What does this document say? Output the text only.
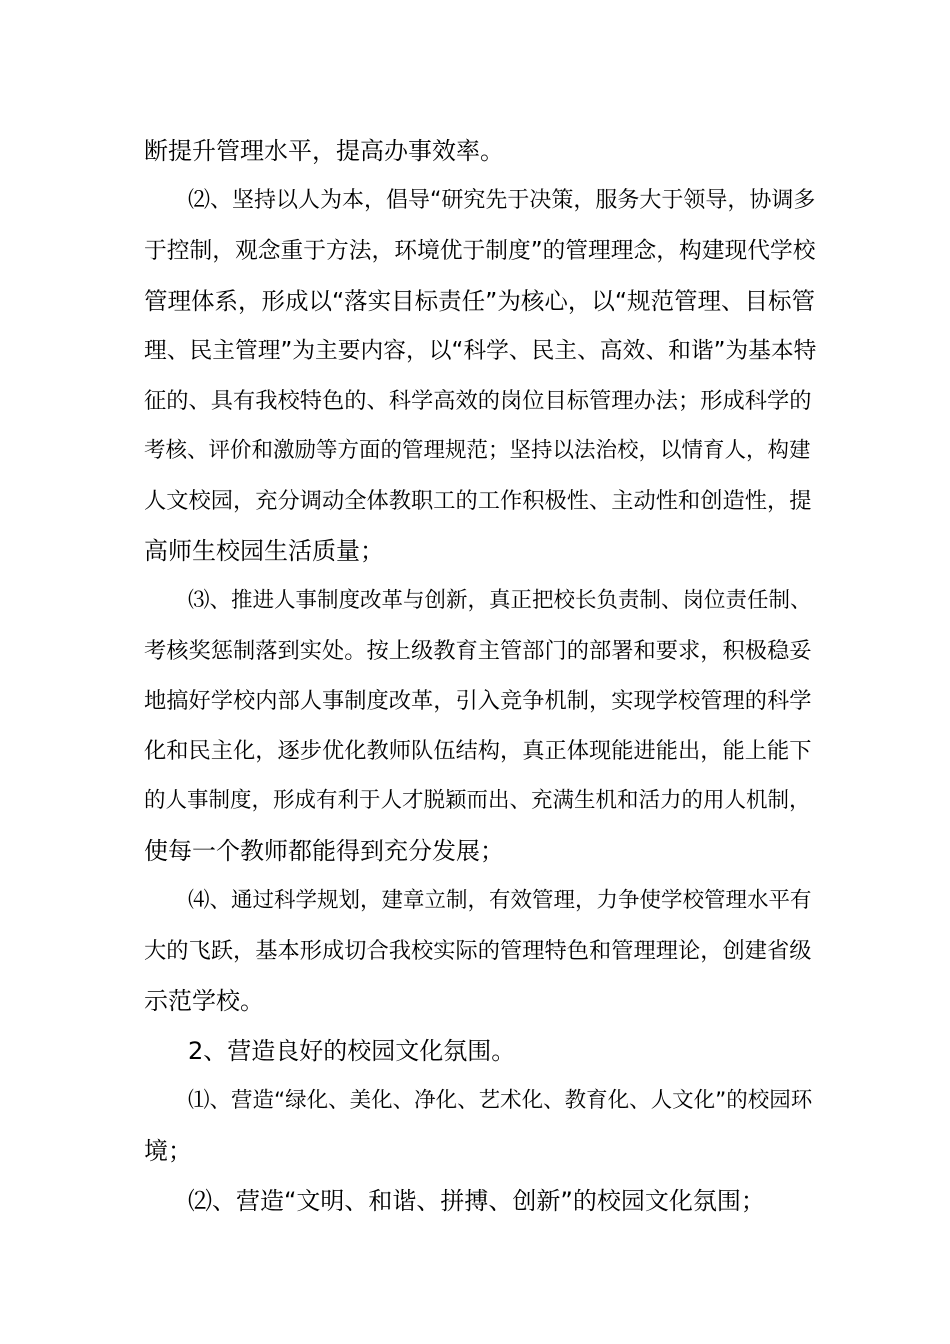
断提升管理水平，提高办事效率。
⑵、坚持以人为本，倡导“研究先于决策，服务大于领导，协调多
于控制，观念重于方法，环境优于制度”的管理理念，构建现代学校
管理体系，形成以“落实目标责任”为核心，以“规范管理、目标管
理、民主管理”为主要内容，以“科学、民主、高效、和谐”为基本特
征的、具有我校特色的、科学高效的岗位目标管理办法；形成科学的
考核、评价和激励等方面的管理规范；坚持以法治校，以情育人，构建
人文校园，充分调动全体教职工的工作积极性、主动性和创造性，提
高师生校园生活质量；
⑶、推进人事制度改革与创新，真正把校长负责制、岗位责任制、
考核奖惩制落到实处。按上级教育主管部门的部署和要求，积极稳妥
地搞好学校内部人事制度改革，引入竞争机制，实现学校管理的科学
化和民主化，逐步优化教师队伍结构，真正体现能进能出，能上能下
的人事制度，形成有利于人才脱颖而出、充满生机和活力的用人机制，
使每一个教师都能得到充分发展；
⑷、通过科学规划，建章立制，有效管理，力争使学校管理水平有
大的飞跃，基本形成切合我校实际的管理特色和管理理论，创建省级
示范学校。
2、营造良好的校园文化氛围。
⑴、营造“绿化、美化、净化、艺术化、教育化、人文化”的校园环
境；
⑵、营造“文明、和谐、拼搏、创新”的校园文化氛围；
